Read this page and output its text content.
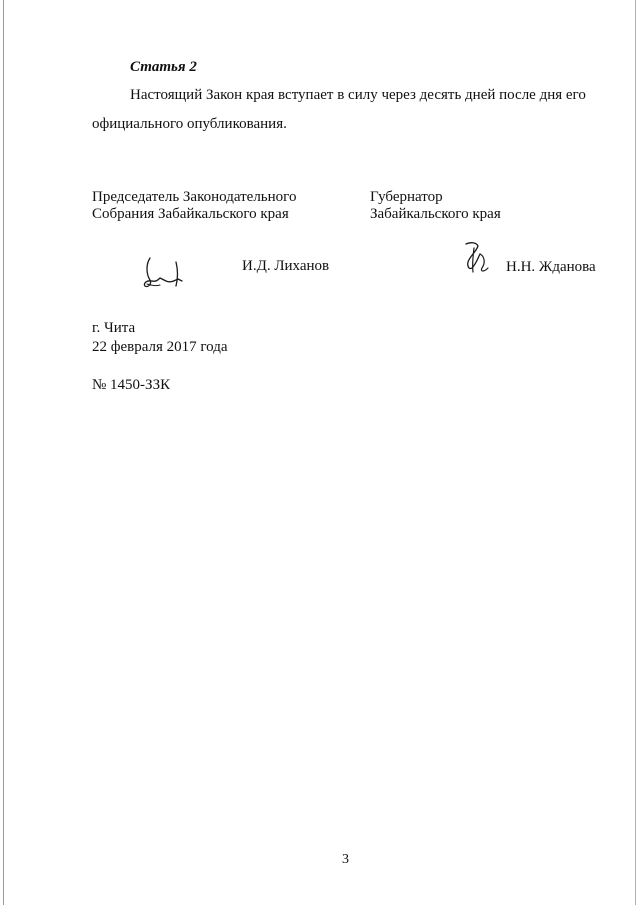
Статья 2
Настоящий Закон края вступает в силу через десять дней после дня его
официального опубликования.
Председатель Законодательного
Собрания Забайкальского края
Губернатор
Забайкальского края
И.Д. Лиханов	Н.Н. Жданова
г. Чита
22 февраля 2017 года
№ 1450-ЗЗК
3
